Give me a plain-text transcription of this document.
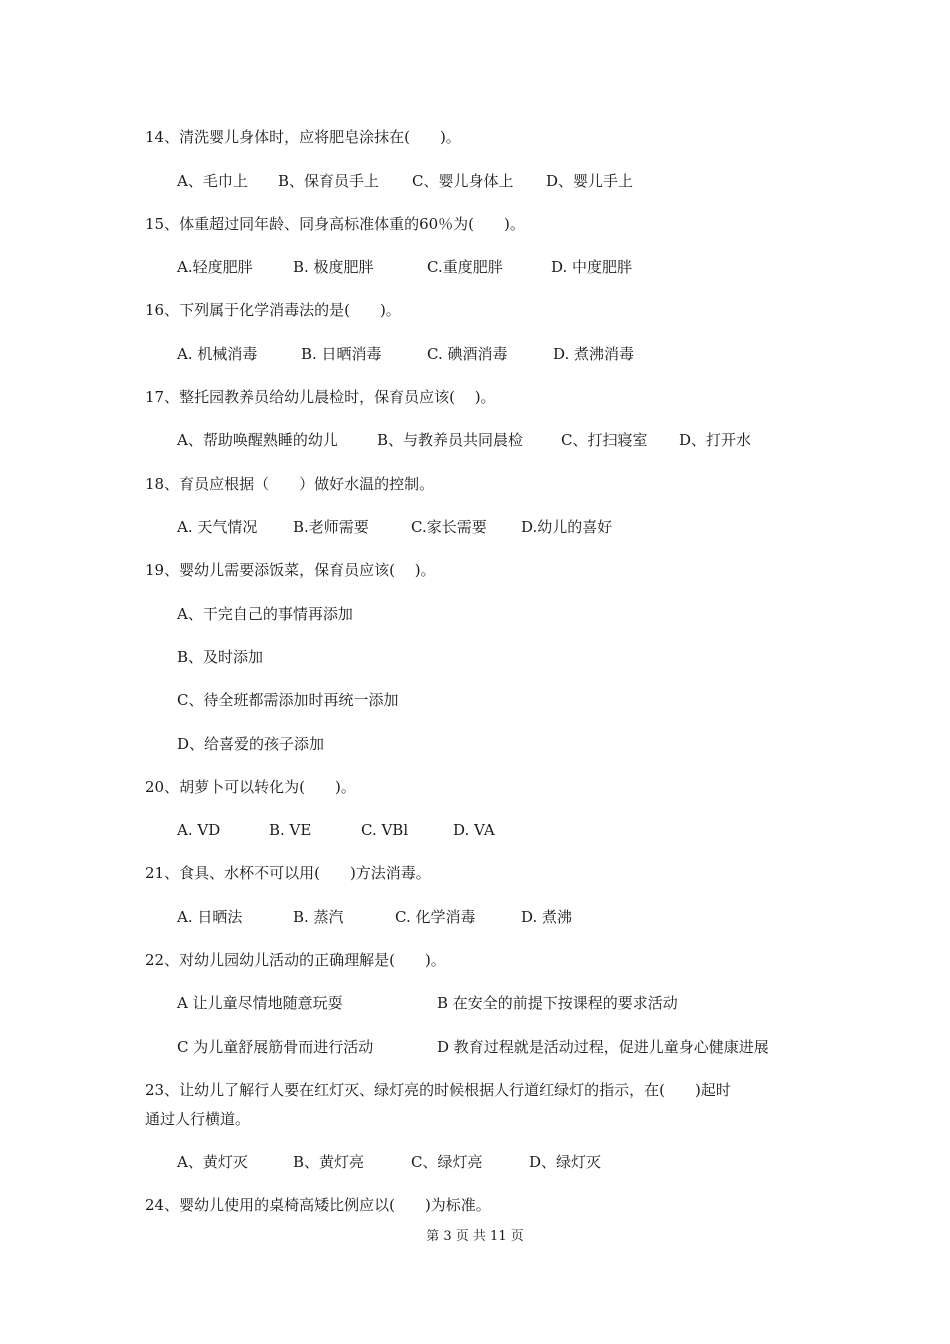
14、清洗婴儿身体时，应将肥皂涂抹在(　　)。
A、毛巾上 B、保育员手上 C、婴儿身体上 D、婴儿手上
15、体重超过同年龄、同身高标准体重的60％为(　　)。
A.轻度肥胖	B. 极度肥胖	C.重度肥胖	D. 中度肥胖
16、下列属于化学消毒法的是(　　)。
A. 机械消毒	B. 日晒消毒	C. 碘酒消毒	D. 煮沸消毒
17、整托园教养员给幼儿晨检时，保育员应该(　 )。
A、帮助唤醒熟睡的幼儿	B、与教养员共同晨检	C、打扫寝室 D、打开水
18、育员应根据（　　）做好水温的控制。
A. 天气情况 B.老师需要	C.家长需要 D.幼儿的喜好
19、婴幼儿需要添饭菜，保育员应该(　 )。
A、干完自己的事情再添加
B、及时添加
C、待全班都需添加时再统一添加
D、给喜爱的孩子添加
20、胡萝卜可以转化为(　　)。
A. VD	B. VE	C. VBl	D. VA
21、食具、水杯不可以用(　　)方法消毒。
A. 日晒法	B. 蒸汽	C. 化学消毒	D. 煮沸
22、对幼儿园幼儿活动的正确理解是(　　)。
A 让儿童尽情地随意玩耍	B 在安全的前提下按课程的要求活动
C 为儿童舒展筋骨而进行活动	D 教育过程就是活动过程，促进儿童身心健康进展
23、让幼儿了解行人要在红灯灭、绿灯亮的时候根据人行道红绿灯的指示，在(　　)起时
通过人行横道。
A、黄灯灭	B、黄灯亮	C、绿灯亮	D、绿灯灭
24、婴幼儿使用的桌椅高矮比例应以(　　)为标准。
第 3 页 共 11 页
